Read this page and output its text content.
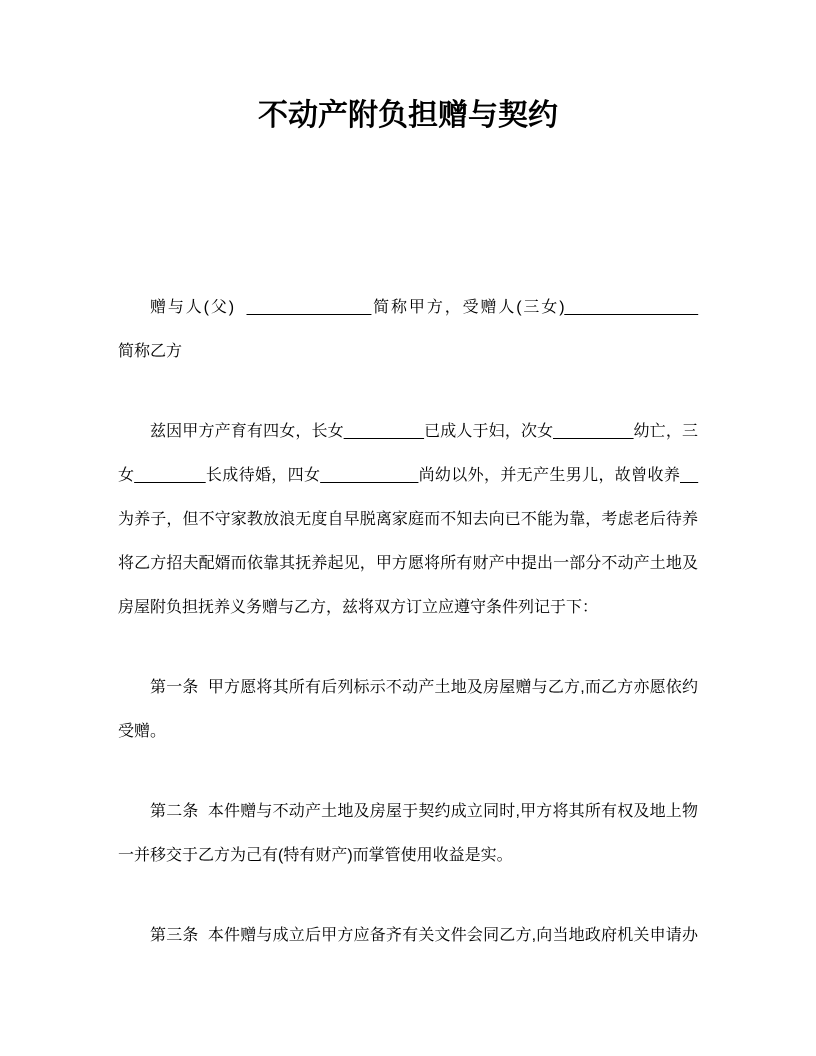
不动产附负担赠与契约
赠与人(父)  ______________简称甲方，受赠人(三女)_______________
简称乙方
兹因甲方产育有四女，长女_________已成人于妇，次女_________幼亡，三
女________长成待婚，四女___________尚幼以外，并无产生男儿，故曾收养__
为养子，但不守家教放浪无度自早脱离家庭而不知去向已不能为靠，考虑老后待养
将乙方招夫配婿而依靠其抚养起见，甲方愿将所有财产中提出一部分不动产土地及
房屋附负担抚养义务赠与乙方，兹将双方订立应遵守条件列记于下：
第一条  甲方愿将其所有后列标示不动产土地及房屋赠与乙方,而乙方亦愿依约
受赠。
第二条  本件赠与不动产土地及房屋于契约成立同时,甲方将其所有权及地上物
一并移交于乙方为己有(特有财产)而掌管使用收益是实。
第三条  本件赠与成立后甲方应备齐有关文件会同乙方,向当地政府机关申请办
